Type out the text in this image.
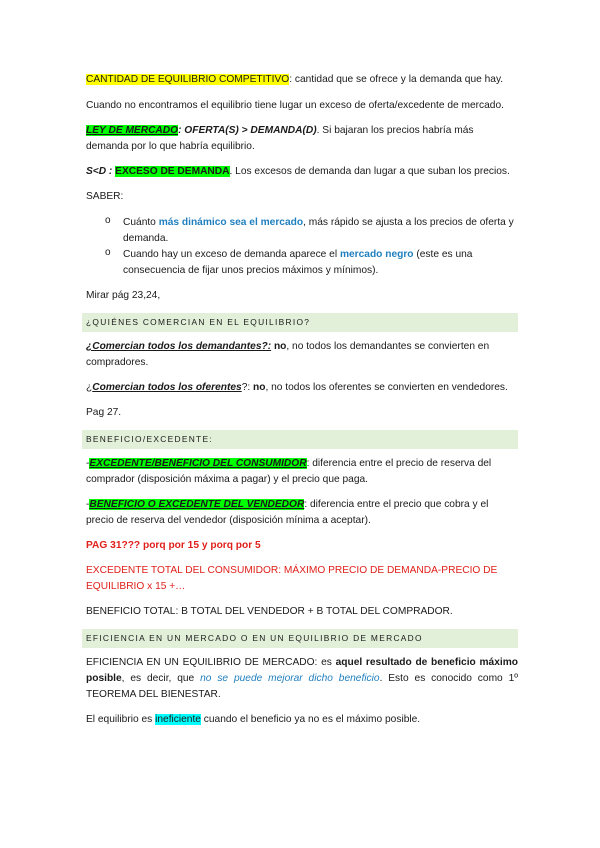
CANTIDAD DE EQUILIBRIO COMPETITIVO: cantidad que se ofrece y la demanda que hay.
Cuando no encontramos el equilibrio tiene lugar un exceso de oferta/excedente de mercado.
LEY DE MERCADO: OFERTA(S) > DEMANDA(D). Si bajaran los precios habría más demanda por lo que habría equilibrio.
S<D : EXCESO DE DEMANDA. Los excesos de demanda dan lugar a que suban los precios.
SABER:
o Cuánto más dinámico sea el mercado, más rápido se ajusta a los precios de oferta y demanda.
o Cuando hay un exceso de demanda aparece el mercado negro (este es una consecuencia de fijar unos precios máximos y mínimos).
Mirar pág 23,24,
¿QUIÉNES COMERCIAN EN EL EQUILIBRIO?
¿Comercian todos los demandantes?: no, no todos los demandantes se convierten en compradores.
¿Comercian todos los oferentes?: no, no todos los oferentes se convierten en vendedores.
Pag 27.
BENEFICIO/EXCEDENTE:
-EXCEDENTE/BENEFICIO DEL CONSUMIDOR: diferencia entre el precio de reserva del comprador (disposición máxima a pagar) y el precio que paga.
-BENEFICIO O EXCEDENTE DEL VENDEDOR: diferencia entre el precio que cobra y el precio de reserva del vendedor (disposición mínima a aceptar).
PAG 31??? porq por 15 y porq por 5
EXCEDENTE TOTAL DEL CONSUMIDOR: MÁXIMO PRECIO DE DEMANDA-PRECIO DE EQUILIBRIO x 15 +…
BENEFICIO TOTAL: B TOTAL DEL VENDEDOR + B TOTAL DEL COMPRADOR.
EFICIENCIA EN UN MERCADO O EN UN EQUILIBRIO DE MERCADO
EFICIENCIA EN UN EQUILIBRIO DE MERCADO: es aquel resultado de beneficio máximo posible, es decir, que no se puede mejorar dicho beneficio. Esto es conocido como 1º TEOREMA DEL BIENESTAR.
El equilibrio es ineficiente cuando el beneficio ya no es el máximo posible.
